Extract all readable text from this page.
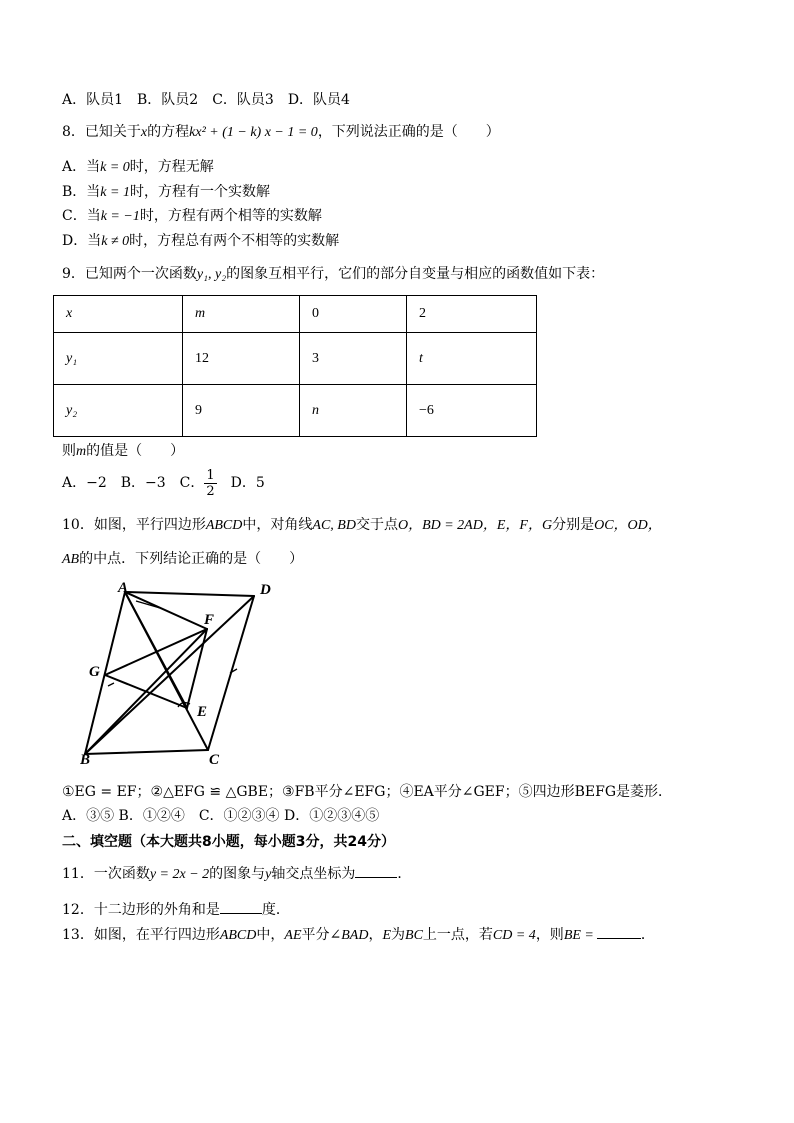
A．队员1　B．队员2　C．队员3　D．队员4
8．已知关于x的方程kx² + (1 − k) x − 1 = 0，下列说法正确的是（　　）
A．当k = 0时，方程无解
B．当k = 1时，方程有一个实数解
C．当k = −1时，方程有两个相等的实数解
D．当k ≠ 0时，方程总有两个不相等的实数解
9．已知两个一次函数y₁, y₂的图象互相平行，它们的部分自变量与相应的函数值如下表：
x	m	0	2
y₁	12	3	t
y₂	9	n	−6
则m的值是（　　）
A．−2　B．−3　C． $\frac{1}{2}$ 　D．5
10．如图，平行四边形ABCD中，对角线AC, BD交于点O，BD = 2AD，E，F，G分别是OC，OD，
AB的中点．下列结论正确的是（　　）
A	D
F
G
E
B	C
①EG = EF；②△EFG ≌ △GBE；③FB平分∠EFG；④EA平分∠GEF；⑤四边形BEFG是菱形．
A．③⑤ B．①②④　C．①②③④ D．①②③④⑤
二、填空题（本大题共8小题，每小题3分，共24分）
11．一次函数y = 2x − 2的图象与y轴交点坐标为	．
12．十二边形的外角和是	度．
13．如图，在平行四边形ABCD中，AE平分∠BAD，E为BC上一点，若CD = 4，则BE =	．
